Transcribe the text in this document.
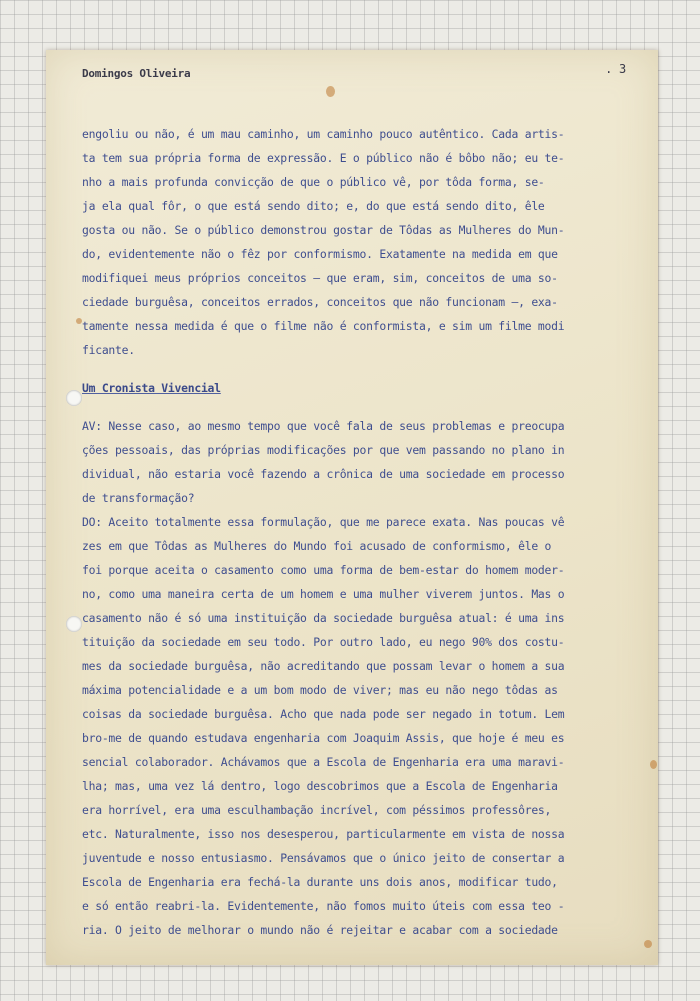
Domingos Oliveira	. 3
engoliu ou não, é um mau caminho, um caminho pouco autêntico. Cada artis-
ta tem sua própria forma de expressão. E o público não é bôbo não; eu te-
nho a mais profunda convicção de que o público vê, por tôda forma, se-
ja ela qual fôr, o que está sendo dito; e, do que está sendo dito, êle
gosta ou não. Se o público demonstrou gostar de Tôdas as Mulheres do Mun-
do, evidentemente não o fêz por conformismo. Exatamente na medida em que
modifiquei meus próprios conceitos — que eram, sim, conceitos de uma so-
ciedade burguêsa, conceitos errados, conceitos que não funcionam —, exa-
tamente nessa medida é que o filme não é conformista, e sim um filme modi
ficante.
Um Cronista Vivencial
AV: Nesse caso, ao mesmo tempo que você fala de seus problemas e preocupa
ções pessoais, das próprias modificações por que vem passando no plano in
dividual, não estaria você fazendo a crônica de uma sociedade em processo
de transformação?
DO: Aceito totalmente essa formulação, que me parece exata. Nas poucas vê
zes em que Tôdas as Mulheres do Mundo foi acusado de conformismo, êle o
foi porque aceita o casamento como uma forma de bem-estar do homem moder-
no, como uma maneira certa de um homem e uma mulher viverem juntos. Mas o
casamento não é só uma instituição da sociedade burguêsa atual: é uma ins
tituição da sociedade em seu todo. Por outro lado, eu nego 90% dos costu-
mes da sociedade burguêsa, não acreditando que possam levar o homem a sua
máxima potencialidade e a um bom modo de viver; mas eu não nego tôdas as
coisas da sociedade burguêsa. Acho que nada pode ser negado in totum. Lem
bro-me de quando estudava engenharia com Joaquim Assis, que hoje é meu es
sencial colaborador. Achávamos que a Escola de Engenharia era uma maravi-
lha; mas, uma vez lá dentro, logo descobrimos que a Escola de Engenharia
era horrível, era uma esculhambação incrível, com péssimos professôres,
etc. Naturalmente, isso nos desesperou, particularmente em vista de nossa
juventude e nosso entusiasmo. Pensávamos que o único jeito de consertar a
Escola de Engenharia era fechá-la durante uns dois anos, modificar tudo,
e só então reabri-la. Evidentemente, não fomos muito úteis com essa teo -
ria. O jeito de melhorar o mundo não é rejeitar e acabar com a sociedade
